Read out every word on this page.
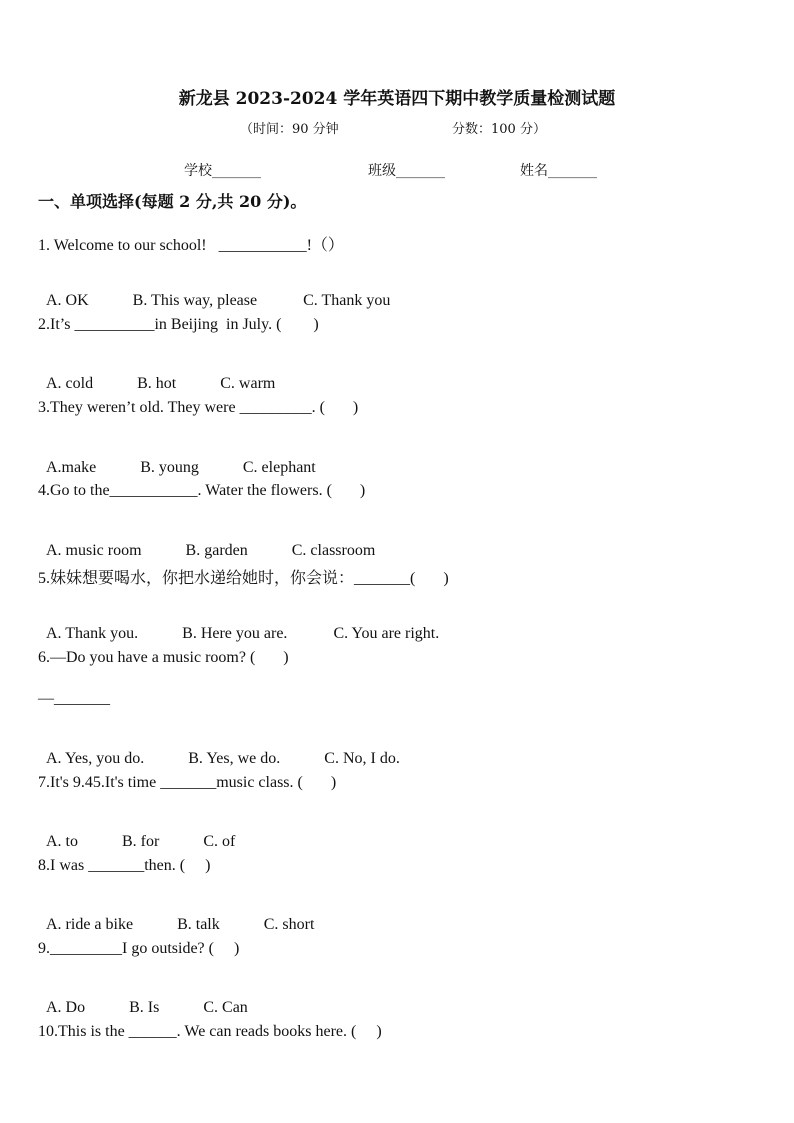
新龙县 2023-2024 学年英语四下期中教学质量检测试题
（时间：90 分钟	分数：100 分）
学校_______	班级_______	姓名_______
一、单项选择(每题 2 分,共 20 分)。
1. Welcome to our school!   ___________!（）

A. OK	B. This way, please	C. Thank you

2.It’s __________in Beijing  in July. (        )

A. cold	B. hot	C. warm

3.They weren’t old. They were _________. (       )

A.make	B. young	C. elephant

4.Go to the___________. Water the flowers. (       )

A. music room	B. garden	C. classroom

5.妹妹想要喝水，你把水递给她时，你会说：_______(       )

A. Thank you.	B. Here you are.	C. You are right.

6.—Do you have a music room? (       )
—_______

A. Yes, you do.	B. Yes, we do.	C. No, I do.

7.It's 9.45.It's time _______music class. (       )

A. to	B. for	C. of

8.I was _______then. (     )

A. ride a bike	B. talk	C. short

9._________I go outside? (     )

A. Do	B. Is	C. Can

10.This is the ______. We can reads books here. (     )
